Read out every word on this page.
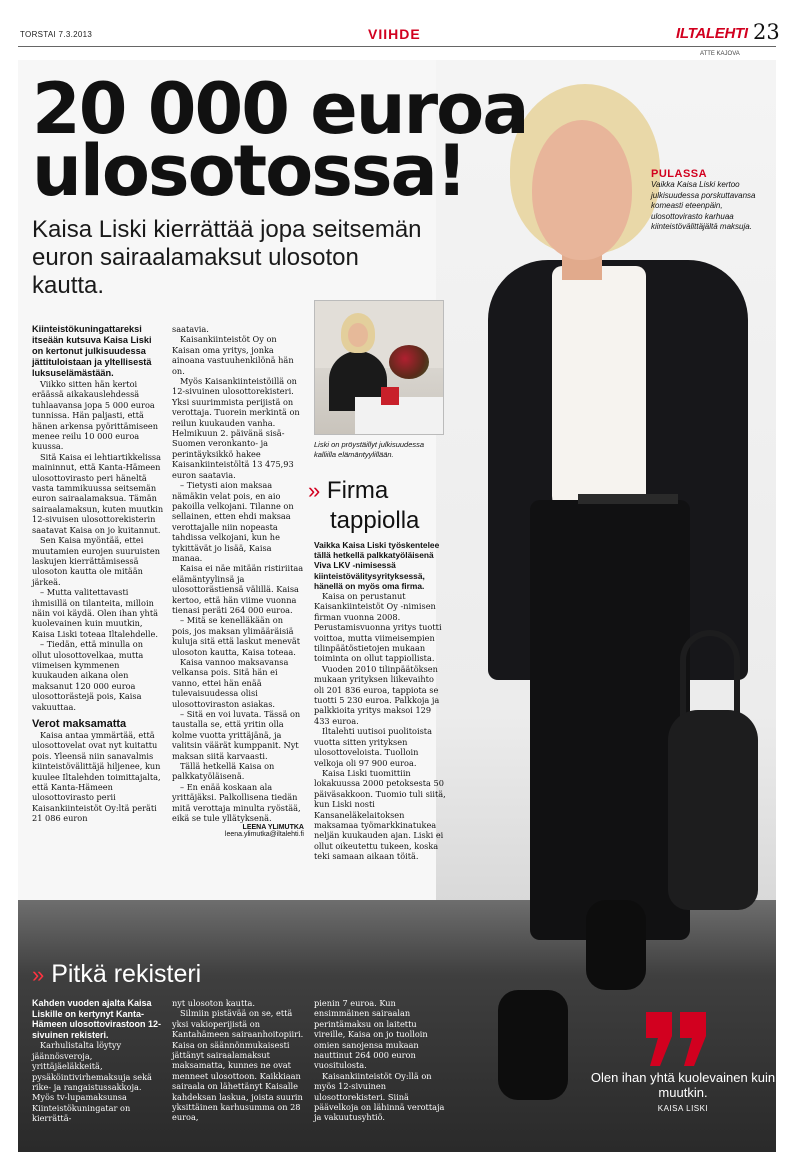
TORSTAI 7.3.2013	VIIHDE	ILTALEHTI 23
ATTE KAJOVA
20 000 euroa
ulosotossa!
Kaisa Liski kierrättää jopa seitsemän euron sairaalamaksut ulosoton kautta.
PULASSA
Vaikka Kaisa Liski kertoo julkisuudessa porskuttavansa komeasti eteenpäin, ulosottovirasto karhuaa kiinteistövälittäjältä maksuja.

Kiinteistökuningattareksi itseään kutsuva Kaisa Liski on kertonut julkisuudessa jättituloistaan ja yltellisestä luksuselämästään.

Viikko sitten hän kertoi eräässä aikakauslehdessä tuhlaavansa jopa 5 000 euroa tunnissa. Hän paljasti, että hänen arkensa pyörittämiseen menee reilu 10 000 euroa kuussa.

Sitä Kaisa ei lehtiartikkelissa maininnut, että Kanta-Hämeen ulosottovirasto peri häneltä vasta tammikuussa seitsemän euron sairaalamaksua. Tämän sairaalamaksun, kuten muutkin 12-sivuisen ulosottorekisterin saatavat Kaisa on jo kuitannut.

Sen Kaisa myöntää, ettei muutamien eurojen suuruisten laskujen kierrättämisessä ulosoton kautta ole mitään järkeä.

– Mutta valitettavasti ihmisillä on tilanteita, milloin näin voi käydä. Olen ihan yhtä kuolevainen kuin muutkin, Kaisa Liski toteaa Iltalehdelle.

– Tiedän, että minulla on ollut ulosottovelkaa, mutta viimeisen kymmenen kuukauden aikana olen maksanut 120 000 euroa ulosottorästejä pois, Kaisa vakuuttaa.

Verot maksamatta

Kaisa antaa ymmärtää, että ulosottovelat ovat nyt kuitattu pois. Yleensä niin sanavalmis kiinteistövälittäjä hiljenee, kun kuulee Iltalehden toimittajalta, että Kanta-Hämeen ulosottovirasto perii Kaisankiinteistöt Oy:ltä peräti 21 086 euron

saatavia.

Kaisankiinteistöt Oy on Kaisan oma yritys, jonka ainoana vastuuhenkilönä hän on.

Myös Kaisankiinteistöillä on 12-sivuinen ulosottorekisteri. Yksi suurimmista perijistä on verottaja. Tuorein merkintä on reilun kuukauden vanha. Helmikuun 2. päivänä sisä-Suomen veronkanto- ja perintäyksikkö hakee Kaisankiinteistöltä 13 475,93 euron saatavia.

– Tietysti aion maksaa nämäkin velat pois, en aio pakoilla velkojani. Tilanne on sellainen, etten ehdi maksaa verottajalle niin nopeasta tahdissa velkojani, kun he tykittävät jo lisää, Kaisa manaa.

Kaisa ei näe mitään ristiriitaa elämäntyylinsä ja ulosottorästiensä välillä. Kaisa kertoo, että hän viime vuonna tienasi peräti 264 000 euroa.

– Mitä se kenelläkään on pois, jos maksan ylimääräisiä kuluja sitä että laskut menevät ulosoton kautta, Kaisa toteaa.

Kaisa vannoo maksavansa velkansa pois. Sitä hän ei vanno, ettei hän enää tulevaisuudessa olisi ulosottoviraston asiakas.

– Sitä en voi luvata. Tässä on taustalla se, että yritin olla kolme vuotta yrittäjänä, ja valitsin väärät kumppanit. Nyt maksan siitä karvaasti.

Tällä hetkellä Kaisa on palkkatyöläisenä.

– En enää koskaan ala yrittäjäksi. Palkollisena tiedän mitä verottaja minulta ryöstää, eikä se tule yllätyksenä.

LEENA YLIMUTKA

leena.ylimutka@iltalehti.fi

Liski on pröystäillyt julkisuudessa kalliilla elämäntyylillään.
» Firma
tappiolla

Vaikka Kaisa Liski työskentelee tällä hetkellä palkkatyöläisenä Viva LKV -nimisessä kiinteistövälitysyrityksessä, hänellä on myös oma firma.

Kaisa on perustanut Kaisankiinteistöt Oy -nimisen firman vuonna 2008. Perustamisvuonna yritys tuotti voittoa, mutta viimeisempien tilinpäätöstietojen mukaan toiminta on ollut tappiollista.

Vuoden 2010 tilinpäätöksen mukaan yrityksen liikevaihto oli 201 836 euroa, tappiota se tuotti 5 230 euroa. Palkkoja ja palkkioita yritys maksoi 129 433 euroa.

Iltalehti uutisoi puolitoista vuotta sitten yrityksen ulosottoveloista. Tuolloin velkoja oli 97 900 euroa.

Kaisa Liski tuomittiin lokakuussa 2000 petoksesta 50 päiväsakkoon. Tuomio tuli siitä, kun Liski nosti Kansaneläkelaitoksen maksamaa työmarkkinatukea neljän kuukauden ajan. Liski ei ollut oikeutettu tukeen, koska teki samaan aikaan töitä.

» Pitkä rekisteri

Kahden vuoden ajalta Kaisa Liskille on kertynyt Kanta-Hämeen ulosottovirastoon 12-sivuinen rekisteri.

Karhulistalta löytyy jäännösveroja, yrittäjäeläkkeitä, pysäköintivirhemaksuja sekä rike- ja rangaistussakkoja. Myös tv-lupamaksunsa Kiinteistökuningatar on kierrättä-

nyt ulosoton kautta.

Silmiin pistävää on se, että yksi vakioperijistä on Kantahämeen sairaanhoitopiiri. Kaisa on säännönmukaisesti jättänyt sairaalamaksut maksamatta, kunnes ne ovat menneet ulosottoon. Kaikkiaan sairaala on lähettänyt Kaisalle kahdeksan laskua, joista suurin yksittäinen karhusumma on 28 euroa,

pienin 7 euroa. Kun ensimmäinen sairaalan perintämaksu on laitettu vireille, Kaisa on jo tuolloin omien sanojensa mukaan nauttinut 264 000 euron vuositulosta.

Kaisankiinteistöt Oy:llä on myös 12-sivuinen ulosottorekisteri. Siinä päävelkoja on lähinnä verottaja ja vakuutusyhtiö.

Olen ihan yhtä kuolevainen kuin muutkin.
KAISA LISKI
